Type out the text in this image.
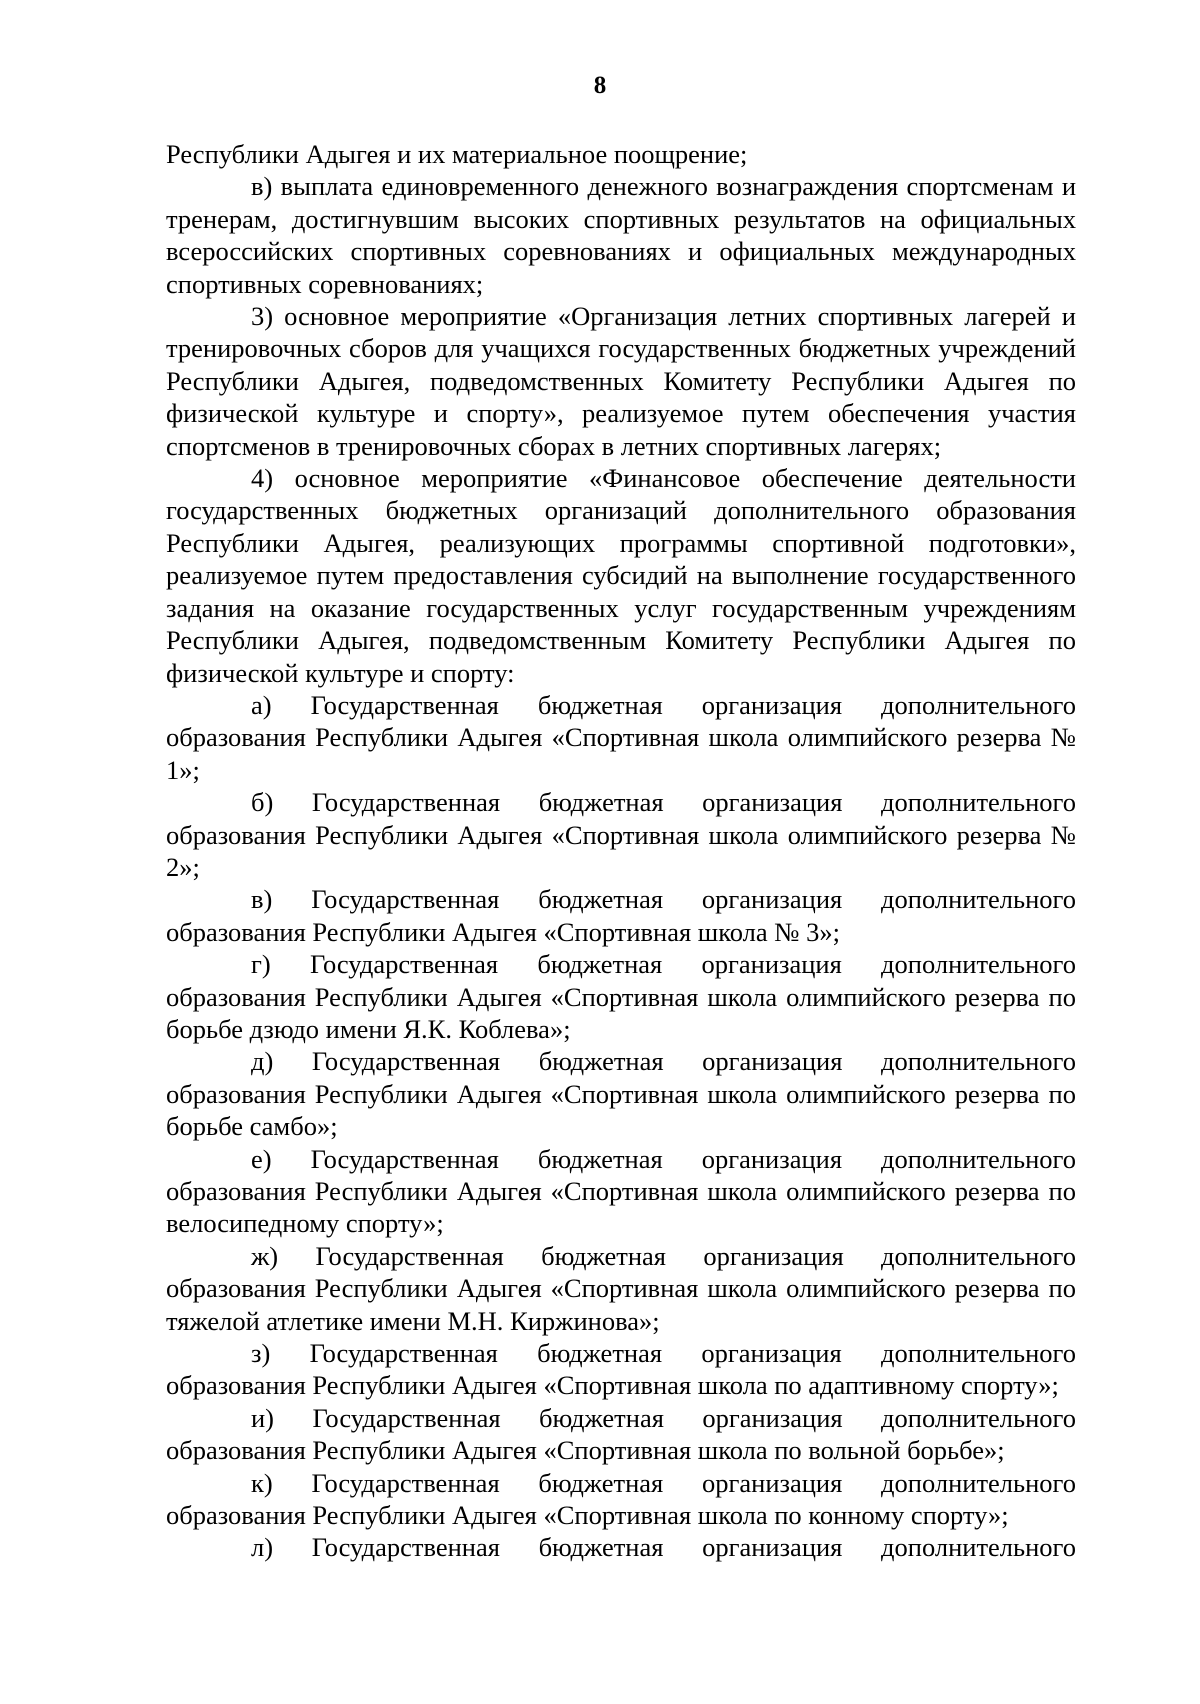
8

Республики Адыгея и их материальное поощрение;

в) выплата единовременного денежного вознаграждения спортсменам и тренерам, достигнувшим высоких спортивных результатов на официальных всероссийских спортивных соревнованиях и официальных международных спортивных соревнованиях;

3) основное мероприятие «Организация летних спортивных лагерей и тренировочных сборов для учащихся государственных бюджетных учреждений Республики Адыгея, подведомственных Комитету Республики Адыгея по физической культуре и спорту», реализуемое путем обеспечения участия спортсменов в тренировочных сборах в летних спортивных лагерях;

4) основное мероприятие «Финансовое обеспечение деятельности государственных бюджетных организаций дополнительного образования Республики Адыгея, реализующих программы спортивной подготовки», реализуемое путем предоставления субсидий на выполнение государственного задания на оказание государственных услуг государственным учреждениям Республики Адыгея, подведомственным Комитету Республики Адыгея по физической культуре и спорту:

а) Государственная бюджетная организация дополнительного образования Республики Адыгея «Спортивная школа олимпийского резерва № 1»;

б) Государственная бюджетная организация дополнительного образования Республики Адыгея «Спортивная школа олимпийского резерва № 2»;

в) Государственная бюджетная организация дополнительного образования Республики Адыгея «Спортивная школа № 3»;

г) Государственная бюджетная организация дополнительного образования Республики Адыгея «Спортивная школа олимпийского резерва по борьбе дзюдо имени Я.К. Коблева»;

д) Государственная бюджетная организация дополнительного образования Республики Адыгея «Спортивная школа олимпийского резерва по борьбе самбо»;

е) Государственная бюджетная организация дополнительного образования Республики Адыгея «Спортивная школа олимпийского резерва по велосипедному спорту»;

ж) Государственная бюджетная организация дополнительного образования Республики Адыгея «Спортивная школа олимпийского резерва по тяжелой атлетике имени М.Н. Киржинова»;

з) Государственная бюджетная организация дополнительного образования Республики Адыгея «Спортивная школа по адаптивному спорту»;

и) Государственная бюджетная организация дополнительного образования Республики Адыгея «Спортивная школа по вольной борьбе»;

к) Государственная бюджетная организация дополнительного образования Республики Адыгея «Спортивная школа по конному спорту»;

л) Государственная бюджетная организация дополнительного
